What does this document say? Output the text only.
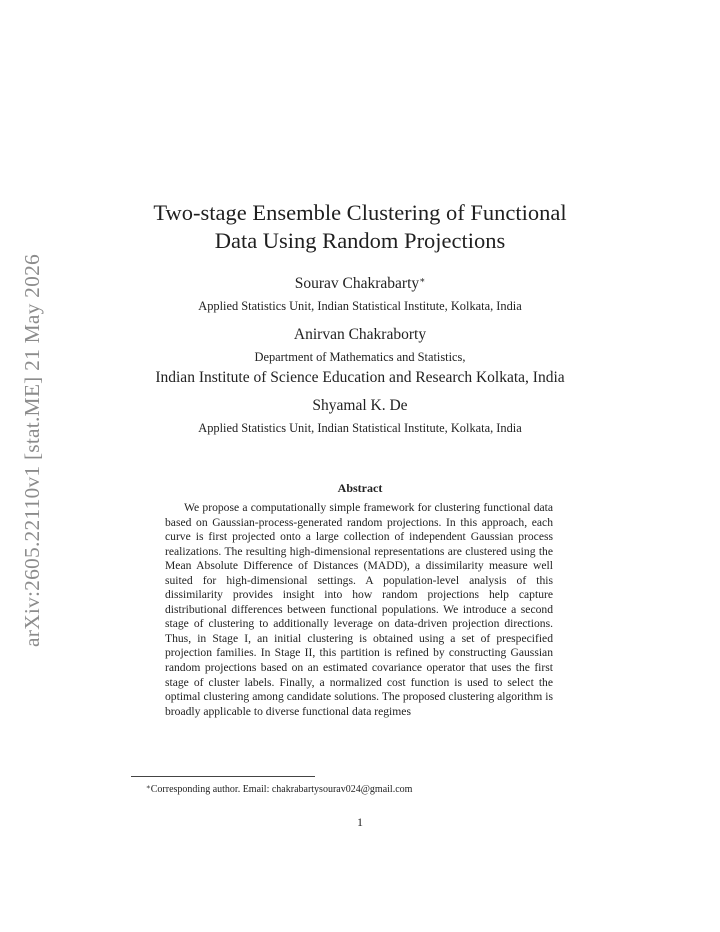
arXiv:2605.22110v1 [stat.ME] 21 May 2026
Two-stage Ensemble Clustering of Functional
Data Using Random Projections
Sourav Chakrabarty∗
Applied Statistics Unit, Indian Statistical Institute, Kolkata, India
Anirvan Chakraborty
Department of Mathematics and Statistics,
Indian Institute of Science Education and Research Kolkata, India
Shyamal K. De
Applied Statistics Unit, Indian Statistical Institute, Kolkata, India
Abstract
We propose a computationally simple framework for clustering functional data based on Gaussian-process-generated random projections. In this approach, each curve is first projected onto a large collection of independent Gaussian process realizations. The resulting high-dimensional representations are clustered using the Mean Absolute Difference of Distances (MADD), a dissimilarity measure well suited for high-dimensional settings. A population-level analysis of this dissimilarity provides insight into how random projections help capture distributional differences between functional populations. We introduce a second stage of clustering to additionally leverage on data-driven projection directions. Thus, in Stage I, an initial clustering is obtained using a set of prespecified projection families. In Stage II, this partition is refined by constructing Gaussian random projections based on an estimated covariance operator that uses the first stage of cluster labels. Finally, a normalized cost function is used to select the optimal clustering among candidate solutions. The proposed clustering algorithm is broadly applicable to diverse functional data regimes
∗Corresponding author. Email: chakrabartysourav024@gmail.com
1
